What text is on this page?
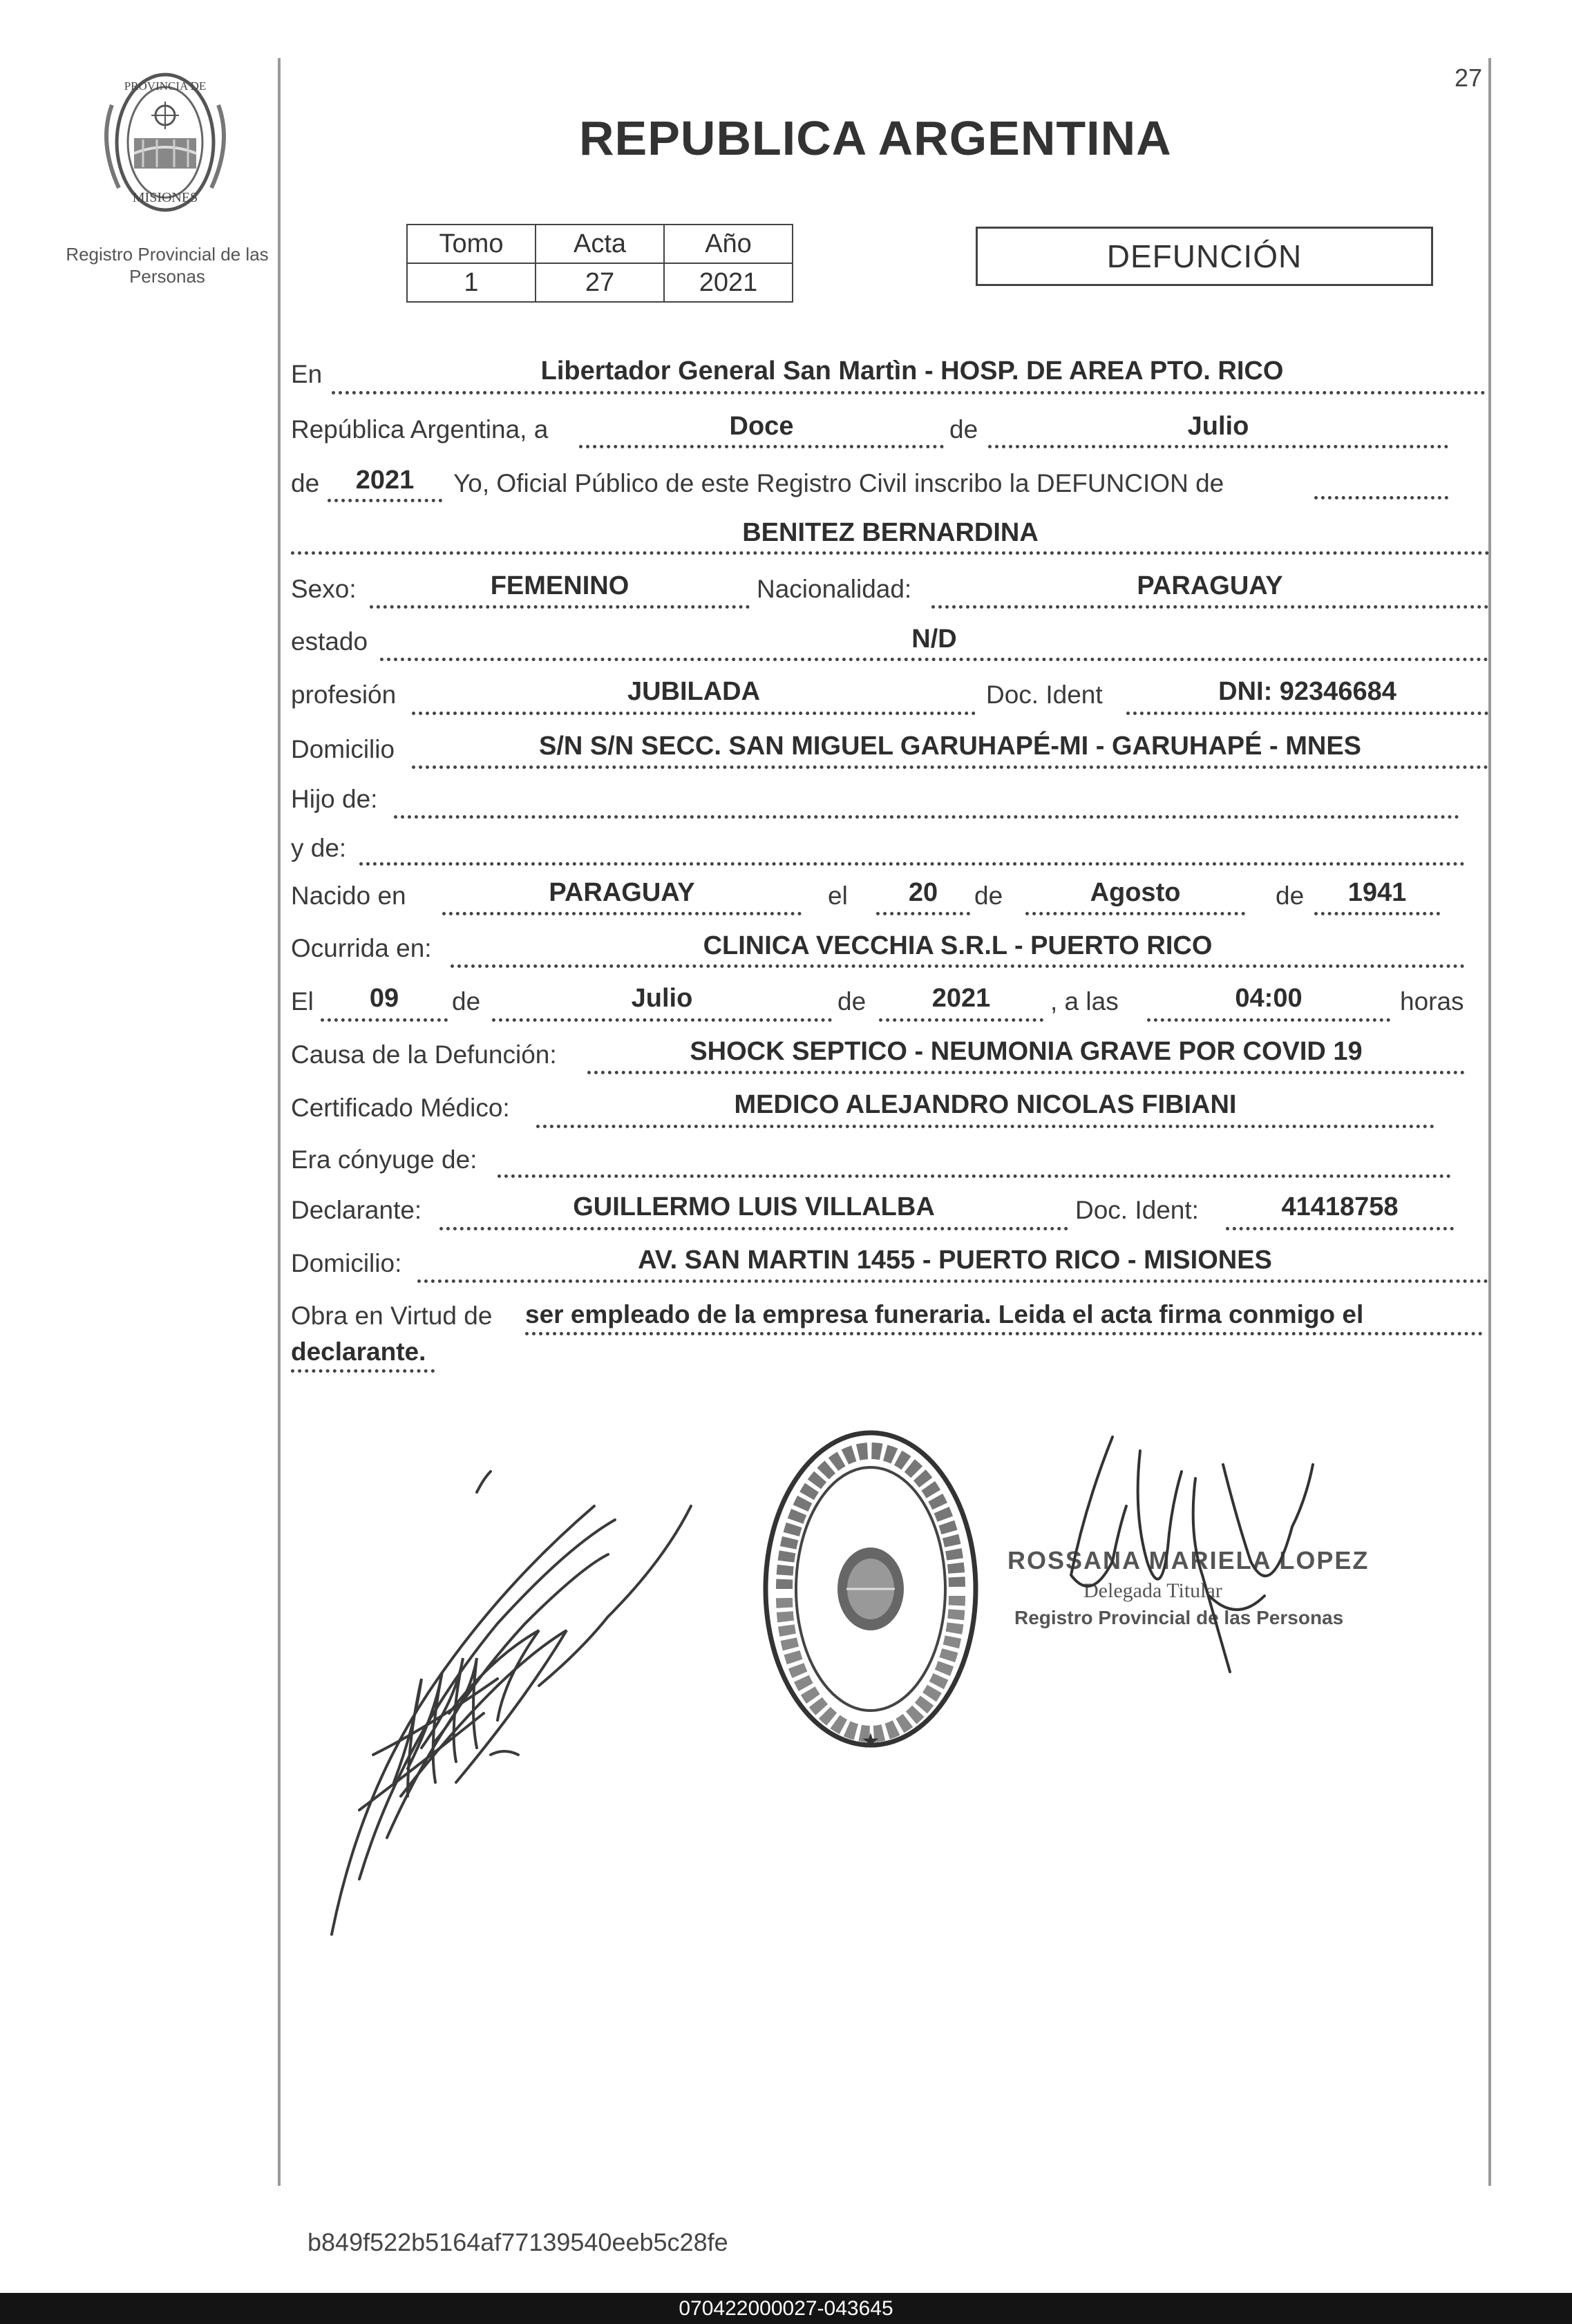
PROVINCIA DE
MISIONES
Registro Provincial de las Personas
27
REPUBLICA ARGENTINA
Tomo	Acta	Año
1	27	2021
DEFUNCIÓN
En	Libertador General San Martìn - HOSP. DE AREA PTO. RICO
República Argentina, a	Doce	de	Julio
de	2021	Yo, Oficial Público de este Registro Civil inscribo la DEFUNCION de
BENITEZ BERNARDINA
Sexo:	FEMENINO	Nacionalidad:	PARAGUAY
estado	N/D
profesión	JUBILADA	Doc. Ident	DNI: 92346684
Domicilio	S/N S/N SECC. SAN MIGUEL GARUHAPÉ-MI - GARUHAPÉ - MNES
Hijo de:
y de:
Nacido en	PARAGUAY	el	20	de	Agosto	de	1941
Ocurrida en:	CLINICA VECCHIA S.R.L - PUERTO RICO
El	09	de	Julio	de	2021	, a las	04:00	horas
Causa de la Defunción:	SHOCK SEPTICO - NEUMONIA GRAVE POR COVID 19
Certificado Médico:	MEDICO ALEJANDRO NICOLAS FIBIANI
Era cónyuge de:
Declarante:	GUILLERMO LUIS VILLALBA	Doc. Ident:	41418758
Domicilio:	AV. SAN MARTIN 1455 - PUERTO RICO - MISIONES
Obra en Virtud de ser empleado de la empresa funeraria. Leida el acta firma conmigo el
declarante.
★
ROSSANA MARIELA LOPEZ
Delegada Titular
Registro Provincial de las Personas
b849f522b5164af77139540eeb5c28fe
070422000027-043645
